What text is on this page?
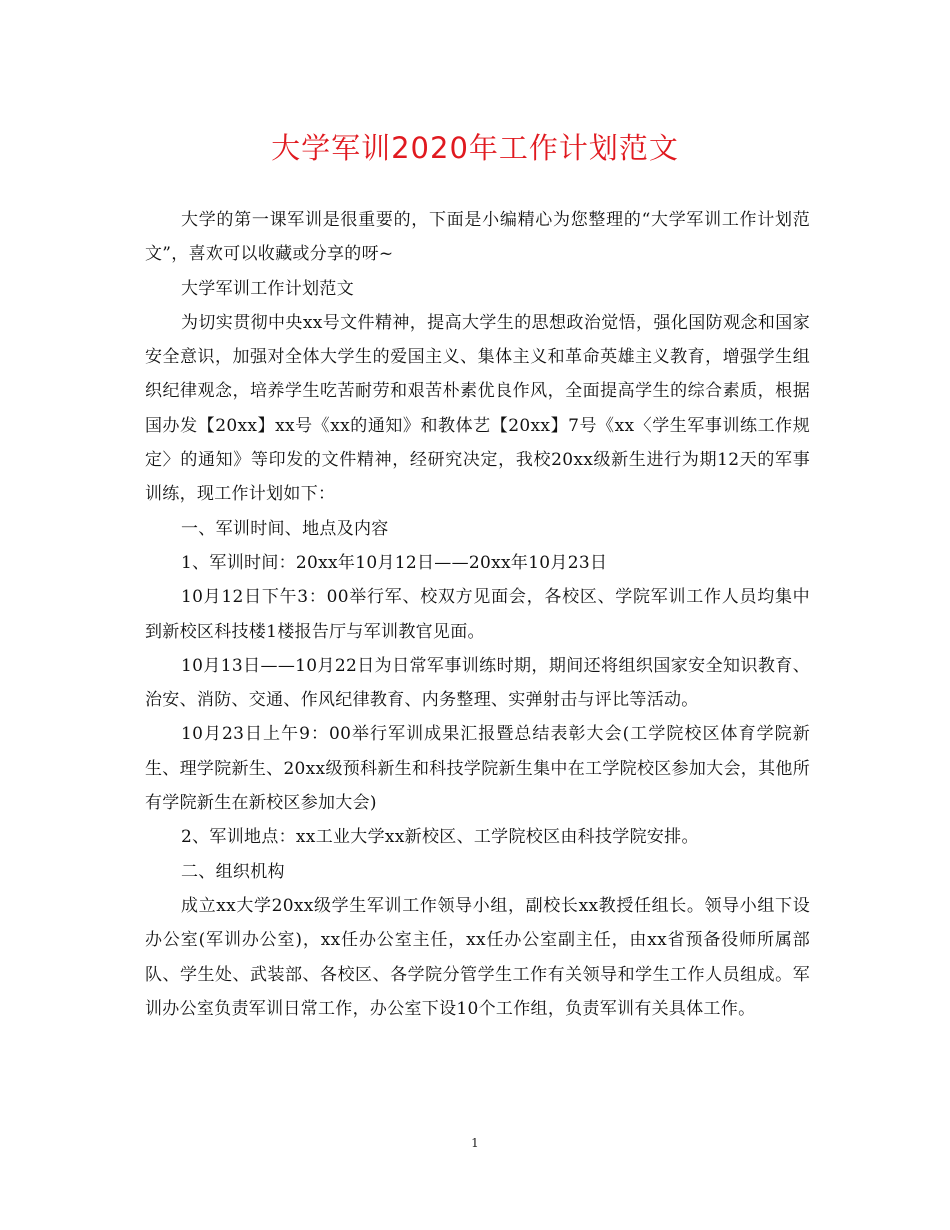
大学军训2020年工作计划范文

大学的第一课军训是很重要的，下面是小编精心为您整理的“大学军训工作计划范文”，喜欢可以收藏或分享的呀~

大学军训工作计划范文

为切实贯彻中央xx号文件精神，提高大学生的思想政治觉悟，强化国防观念和国家安全意识，加强对全体大学生的爱国主义、集体主义和革命英雄主义教育，增强学生组织纪律观念，培养学生吃苦耐劳和艰苦朴素优良作风，全面提高学生的综合素质，根据国办发【20xx】xx号《xx的通知》和教体艺【20xx】7号《xx〈学生军事训练工作规定〉的通知》等印发的文件精神，经研究决定，我校20xx级新生进行为期12天的军事训练，现工作计划如下：

一、军训时间、地点及内容

1、军训时间：20xx年10月12日——20xx年10月23日

10月12日下午3：00举行军、校双方见面会，各校区、学院军训工作人员均集中到新校区科技楼1楼报告厅与军训教官见面。

10月13日——10月22日为日常军事训练时期，期间还将组织国家安全知识教育、治安、消防、交通、作风纪律教育、内务整理、实弹射击与评比等活动。

10月23日上午9：00举行军训成果汇报暨总结表彰大会(工学院校区体育学院新生、理学院新生、20xx级预科新生和科技学院新生集中在工学院校区参加大会，其他所有学院新生在新校区参加大会)

2、军训地点：xx工业大学xx新校区、工学院校区由科技学院安排。

二、组织机构

成立xx大学20xx级学生军训工作领导小组，副校长xx教授任组长。领导小组下设办公室(军训办公室)，xx任办公室主任，xx任办公室副主任，由xx省预备役师所属部队、学生处、武装部、各校区、各学院分管学生工作有关领导和学生工作人员组成。军训办公室负责军训日常工作，办公室下设10个工作组，负责军训有关具体工作。

1
